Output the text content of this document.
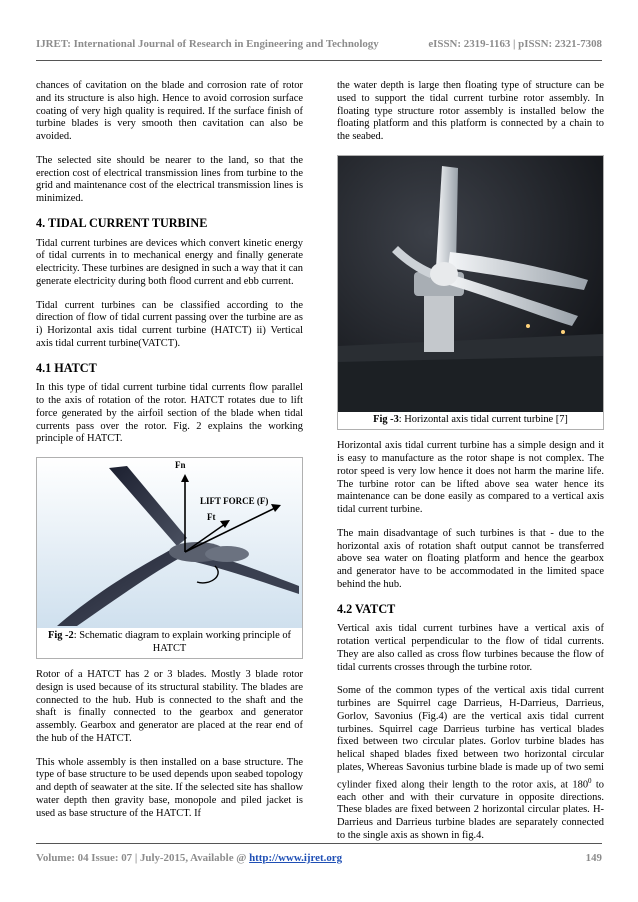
IJRET: International Journal of Research in Engineering and Technology	eISSN: 2319-1163 | pISSN: 2321-7308

chances of cavitation on the blade and corrosion rate of rotor and its structure is also high. Hence to avoid corrosion surface coating of very high quality is required. If the surface finish of turbine blades is very smooth then cavitation can also be avoided.

The selected site should be nearer to the land, so that the erection cost of electrical transmission lines from turbine to the grid and maintenance cost of the electrical transmission lines is minimized.

4. TIDAL CURRENT TURBINE

Tidal current turbines are devices which convert kinetic energy of tidal currents in to mechanical energy and finally generate electricity. These turbines are designed in such a way that it can generate electricity during both flood current and ebb current.

Tidal current turbines can be classified according to the direction of flow of tidal current passing over the turbine are as i) Horizontal axis tidal current turbine (HATCT) ii) Vertical axis tidal current turbine(VATCT).

4.1 HATCT

In this type of tidal current turbine tidal currents flow parallel to the axis of rotation of the rotor. HATCT rotates due to lift force generated by the airfoil section of the blade when tidal currents pass over the rotor. Fig. 2 explains the working principle of HATCT.

Fn
LIFT FORCE (F)
Ft
Fig -2: Schematic diagram to explain working principle of HATCT

Rotor of a HATCT has 2 or 3 blades. Mostly 3 blade rotor design is used because of its structural stability. The blades are connected to the hub. Hub is connected to the shaft and the shaft is finally connected to the gearbox and generator assembly. Gearbox and generator are placed at the rear end of the hub of the HATCT.

This whole assembly is then installed on a base structure. The type of base structure to be used depends upon seabed topology and depth of seawater at the site. If the selected site has shallow water depth then gravity base, monopole and piled jacket is used as base structure of the HATCT. If

the water depth is large then floating type of structure can be used to support the tidal current turbine rotor assembly. In floating type structure rotor assembly is installed below the floating platform and this platform is connected by a chain to the seabed.

Fig -3: Horizontal axis tidal current turbine [7]

Horizontal axis tidal current turbine has a simple design and it is easy to manufacture as the rotor shape is not complex. The rotor speed is very low hence it does not harm the marine life. The turbine rotor can be lifted above sea water hence its maintenance can be done easily as compared to a vertical axis tidal current turbine.

The main disadvantage of such turbines is that - due to the horizontal axis of rotation shaft output cannot be transferred above sea water on floating platform and hence the gearbox and generator have to be accommodated in the limited space behind the hub.

4.2 VATCT

Vertical axis tidal current turbines have a vertical axis of rotation vertical perpendicular to the flow of tidal currents. They are also called as cross flow turbines because the flow of tidal currents crosses through the turbine rotor.

Some of the common types of the vertical axis tidal current turbines are Squirrel cage Darrieus, H-Darrieus, Darrieus, Gorlov, Savonius (Fig.4) are the vertical axis tidal current turbines. Squirrel cage Darrieus turbine has vertical blades fixed between two circular plates. Gorlov turbine blades has helical shaped blades fixed between two horizontal circular plates, Whereas Savonius turbine blade is made up of two semi cylinder fixed along their length to the rotor axis, at $180^0$ to each other and with their curvature in opposite directions. These blades are fixed between 2 horizontal circular plates. H-Darrieus and Darrieus turbine blades are separately connected to the single axis as shown in fig.4.

Volume: 04 Issue: 07 | July-2015, Available @ http://www.ijret.org	149
